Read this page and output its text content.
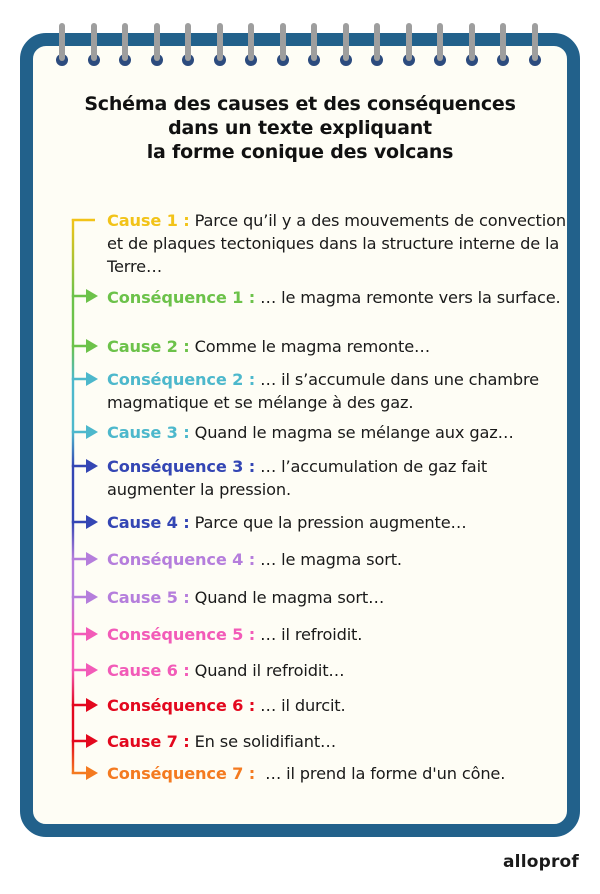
Schéma des causes et des conséquences
dans un texte expliquant
la forme conique des volcans
Cause 1 : Parce qu’il y a des mouvements de convection et de plaques tectoniques dans la structure interne de la Terre…
Conséquence 1 : … le magma remonte vers la surface.
Cause 2 : Comme le magma remonte…
Conséquence 2 : … il s’accumule dans une chambre magmatique et se mélange à des gaz.
Cause 3 : Quand le magma se mélange aux gaz…
Conséquence 3 : … l’accumulation de gaz fait augmenter la pression.
Cause 4 : Parce que la pression augmente…
Conséquence 4 : … le magma sort.
Cause 5 : Quand le magma sort…
Conséquence 5 : … il refroidit.
Cause 6 : Quand il refroidit…
Conséquence 6 : … il durcit.
Cause 7 : En se solidifiant…
Conséquence 7 :  … il prend la forme d'un cône.
alloprof
